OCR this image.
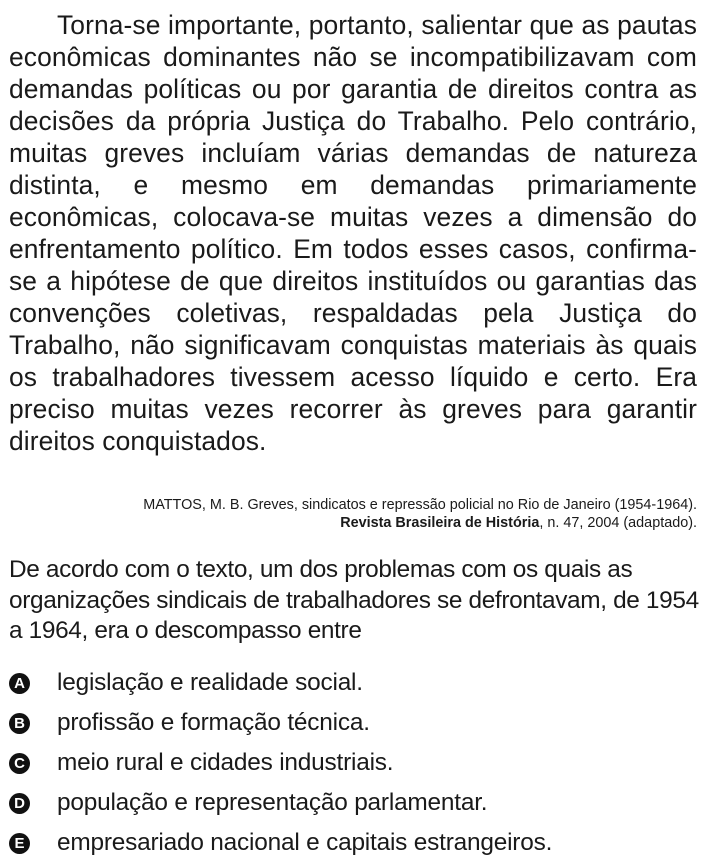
Torna-se importante, portanto, salientar que as pautas econômicas dominantes não se incompatibilizavam com demandas políticas ou por garantia de direitos contra as decisões da própria Justiça do Trabalho. Pelo contrário, muitas greves incluíam várias demandas de natureza distinta, e mesmo em demandas primariamente econômicas, colocava-se muitas vezes a dimensão do enfrentamento político. Em todos esses casos, confirma-se a hipótese de que direitos instituídos ou garantias das convenções coletivas, respaldadas pela Justiça do Trabalho, não significavam conquistas materiais às quais os trabalhadores tivessem acesso líquido e certo. Era preciso muitas vezes recorrer às greves para garantir direitos conquistados.

MATTOS, M. B. Greves, sindicatos e repressão policial no Rio de Janeiro (1954-1964).
Revista Brasileira de História, n. 47, 2004 (adaptado).

De acordo com o texto, um dos problemas com os quais as organizações sindicais de trabalhadores se defrontavam, de 1954 a 1964, era o descompasso entre

A legislação e realidade social.
B profissão e formação técnica.
C meio rural e cidades industriais.
D população e representação parlamentar.
E empresariado nacional e capitais estrangeiros.
